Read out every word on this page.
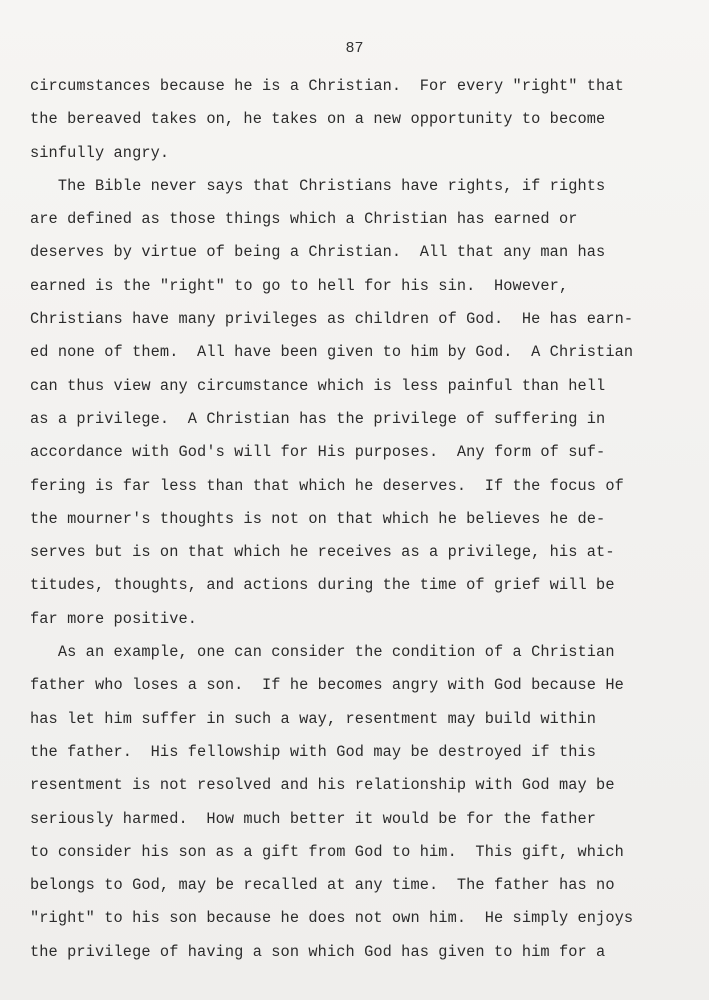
87
circumstances because he is a Christian.  For every "right" that
the bereaved takes on, he takes on a new opportunity to become
sinfully angry.
The Bible never says that Christians have rights, if rights
are defined as those things which a Christian has earned or
deserves by virtue of being a Christian.  All that any man has
earned is the "right" to go to hell for his sin.  However,
Christians have many privileges as children of God.  He has earn-
ed none of them.  All have been given to him by God.  A Christian
can thus view any circumstance which is less painful than hell
as a privilege.  A Christian has the privilege of suffering in
accordance with God's will for His purposes.  Any form of suf-
fering is far less than that which he deserves.  If the focus of
the mourner's thoughts is not on that which he believes he de-
serves but is on that which he receives as a privilege, his at-
titudes, thoughts, and actions during the time of grief will be
far more positive.
As an example, one can consider the condition of a Christian
father who loses a son.  If he becomes angry with God because He
has let him suffer in such a way, resentment may build within
the father.  His fellowship with God may be destroyed if this
resentment is not resolved and his relationship with God may be
seriously harmed.  How much better it would be for the father
to consider his son as a gift from God to him.  This gift, which
belongs to God, may be recalled at any time.  The father has no
"right" to his son because he does not own him.  He simply enjoys
the privilege of having a son which God has given to him for a
